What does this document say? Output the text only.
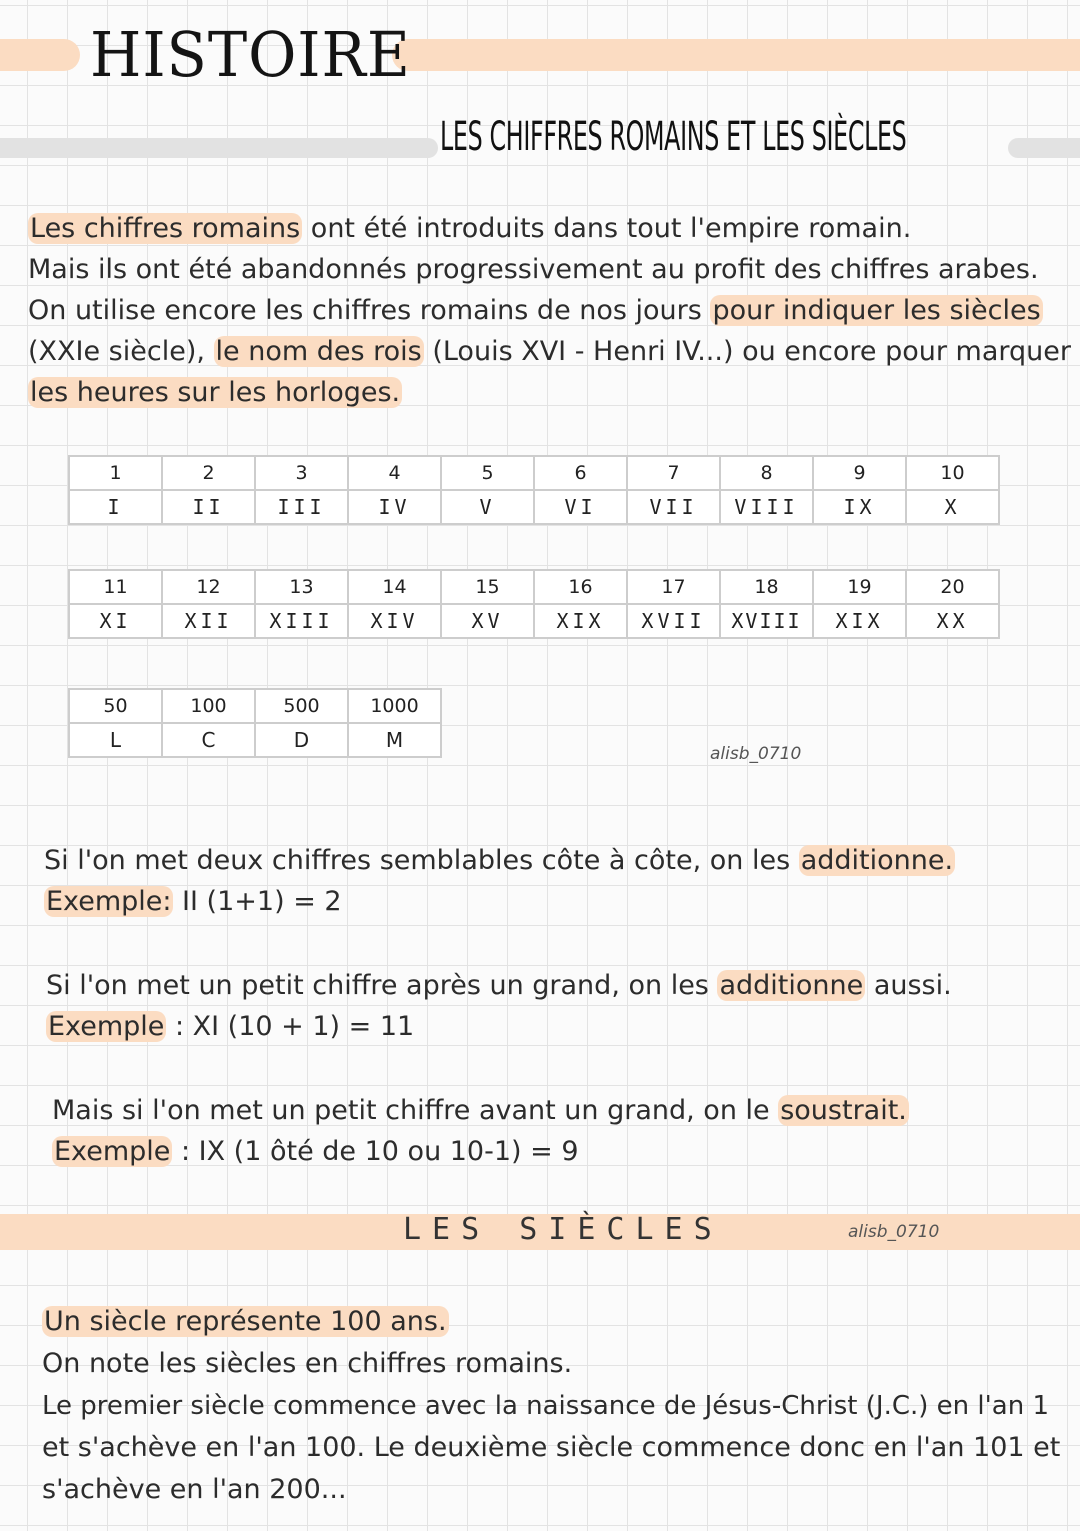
HISTOIRE
LES CHIFFRES ROMAINS ET LES SIÈCLES

Les chiffres romains ont été introduits dans tout l'empire romain.

Mais ils ont été abandonnés progressivement au profit des chiffres arabes.

On utilise encore les chiffres romains de nos jours pour indiquer les siècles

(XXIe siècle), le nom des rois (Louis XVI - Henri IV...) ou encore pour marquer

les heures sur les horloges.

1	2	3	4	5	6	7	8	9	10
I	II	III	IV	V	VI	VII	VIII	IX	X
11	12	13	14	15	16	17	18	19	20
XI	XII	XIII	XIV	XV	XIX	XVII	XVIII	XIX	XX
50	100	500	1000
L	C	D	M
alisb_0710

Si l'on met deux chiffres semblables côte à côte, on les additionne.

Exemple: II (1+1) = 2

Si l'on met un petit chiffre après un grand, on les additionne aussi.

Exemple : XI (10 + 1) = 11

Mais si l'on met un petit chiffre avant un grand, on le soustrait.

Exemple : IX (1 ôté de 10 ou 10-1) = 9

LES SIÈCLES	alisb_0710

Un siècle représente 100 ans.

On note les siècles en chiffres romains.

Le premier siècle commence avec la naissance de Jésus-Christ (J.C.) en l'an 1

et s'achève en l'an 100. Le deuxième siècle commence donc en l'an 101 et

s'achève en l'an 200...
